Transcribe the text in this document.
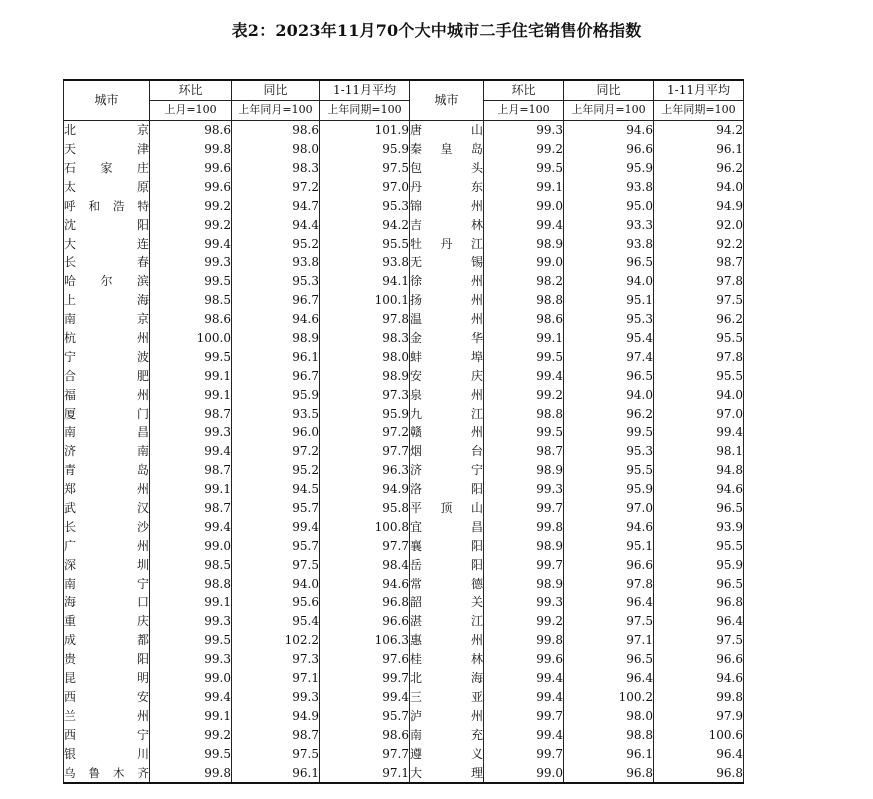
表2：2023年11月70个大中城市二手住宅销售价格指数
城市	环比	同比	1-11月平均	城市	环比	同比	1-11月平均
	上月=100	上年同月=100	上年同期=100		上月=100	上年同月=100	上年同期=100
北 京	98.6	98.6	101.9	唐 山	99.3	94.6	94.2
天 津	99.8	98.0	95.9	秦皇岛	99.2	96.6	96.1
石家庄	99.6	98.3	97.5	包 头	99.5	95.9	96.2
太 原	99.6	97.2	97.0	丹 东	99.1	93.8	94.0
呼和浩特	99.2	94.7	95.3	锦 州	99.0	95.0	94.9
沈 阳	99.2	94.4	94.2	吉 林	99.4	93.3	92.0
大 连	99.4	95.2	95.5	牡丹江	98.9	93.8	92.2
长 春	99.3	93.8	93.8	无 锡	99.0	96.5	98.7
哈尔滨	99.5	95.3	94.1	徐 州	98.2	94.0	97.8
上 海	98.5	96.7	100.1	扬 州	98.8	95.1	97.5
南 京	98.6	94.6	97.8	温 州	98.6	95.3	96.2
杭 州	100.0	98.9	98.3	金 华	99.1	95.4	95.5
宁 波	99.5	96.1	98.0	蚌 埠	99.5	97.4	97.8
合 肥	99.1	96.7	98.9	安 庆	99.4	96.5	95.5
福 州	99.1	95.9	97.3	泉 州	99.2	94.0	94.0
厦 门	98.7	93.5	95.9	九 江	98.8	96.2	97.0
南 昌	99.3	96.0	97.2	赣 州	99.5	99.5	99.4
济 南	99.4	97.2	97.7	烟 台	98.7	95.3	98.1
青 岛	98.7	95.2	96.3	济 宁	98.9	95.5	94.8
郑 州	99.1	94.5	94.9	洛 阳	99.3	95.9	94.6
武 汉	98.7	95.7	95.8	平顶山	99.7	97.0	96.5
长 沙	99.4	99.4	100.8	宜 昌	99.8	94.6	93.9
广 州	99.0	95.7	97.7	襄 阳	98.9	95.1	95.5
深 圳	98.5	97.5	98.4	岳 阳	99.7	96.6	95.9
南 宁	98.8	94.0	94.6	常 德	98.9	97.8	96.5
海 口	99.1	95.6	96.8	韶 关	99.3	96.4	96.8
重 庆	99.3	95.4	96.6	湛 江	99.2	97.5	96.4
成 都	99.5	102.2	106.3	惠 州	99.8	97.1	97.5
贵 阳	99.3	97.3	97.6	桂 林	99.6	96.5	96.6
昆 明	99.0	97.1	99.7	北 海	99.4	96.4	94.6
西 安	99.4	99.3	99.4	三 亚	99.4	100.2	99.8
兰 州	99.1	94.9	95.7	泸 州	99.7	98.0	97.9
西 宁	99.2	98.7	98.6	南 充	99.4	98.8	100.6
银 川	99.5	97.5	97.7	遵 义	99.7	96.1	96.4
乌鲁木齐	99.8	96.1	97.1	大 理	99.0	96.8	96.8
